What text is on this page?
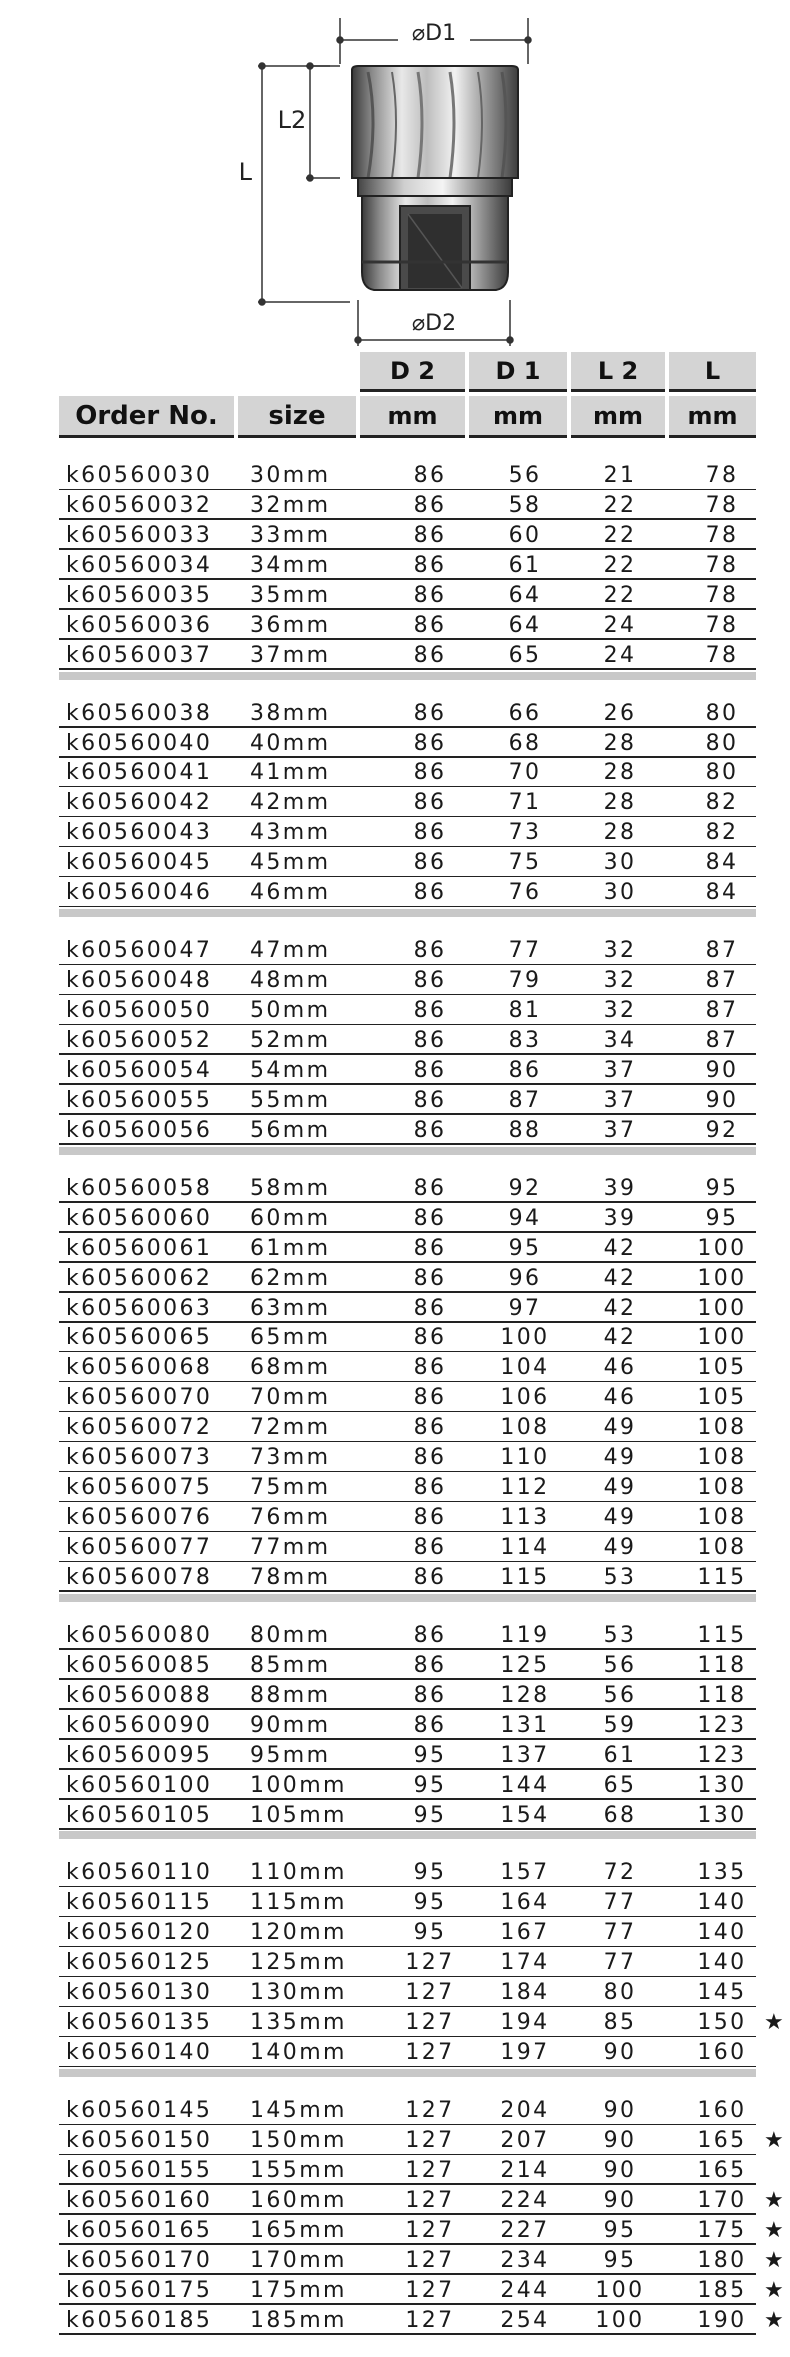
⌀D1
L
L2
⌀D2
D 2	D 1	L 2	L
Order No.	size	mm	mm	mm	mm
k60560030 30mm	86	56	21	78
k60560032 32mm	86	58	22	78
k60560033 33mm	86	60	22	78
k60560034 34mm	86	61	22	78
k60560035 35mm	86	64	22	78
k60560036 36mm	86	64	24	78
k60560037 37mm	86	65	24	78
k60560038 38mm	86	66	26	80
k60560040 40mm	86	68	28	80
k60560041 41mm	86	70	28	80
k60560042 42mm	86	71	28	82
k60560043 43mm	86	73	28	82
k60560045 45mm	86	75	30	84
k60560046 46mm	86	76	30	84
k60560047 47mm	86	77	32	87
k60560048 48mm	86	79	32	87
k60560050 50mm	86	81	32	87
k60560052 52mm	86	83	34	87
k60560054 54mm	86	86	37	90
k60560055 55mm	86	87	37	90
k60560056 56mm	86	88	37	92
k60560058 58mm	86	92	39	95
k60560060 60mm	86	94	39	95
k60560061 61mm	86	95	42	100
k60560062 62mm	86	96	42	100
k60560063 63mm	86	97	42	100
k60560065 65mm	86	100	42	100
k60560068 68mm	86	104	46	105
k60560070 70mm	86	106	46	105
k60560072 72mm	86	108	49	108
k60560073 73mm	86	110	49	108
k60560075 75mm	86	112	49	108
k60560076 76mm	86	113	49	108
k60560077 77mm	86	114	49	108
k60560078 78mm	86	115	53	115
k60560080 80mm	86	119	53	115
k60560085 85mm	86	125	56	118
k60560088 88mm	86	128	56	118
k60560090 90mm	86	131	59	123
k60560095 95mm	95	137	61	123
k60560100 100mm	95	144	65	130
k60560105 105mm	95	154	68	130
k60560110 110mm	95	157	72	135
k60560115 115mm	95	164	77	140
k60560120 120mm	95	167	77	140
k60560125 125mm	127	174	77	140
k60560130 130mm	127	184	80	145
k60560135 135mm	127	194	85	150 ★
k60560140 140mm	127	197	90	160
k60560145 145mm	127	204	90	160
k60560150 150mm	127	207	90	165 ★
k60560155 155mm	127	214	90	165
k60560160 160mm	127	224	90	170 ★
k60560165 165mm	127	227	95	175 ★
k60560170 170mm	127	234	95	180 ★
k60560175 175mm	127	244	100	185 ★
k60560185 185mm	127	254	100	190 ★
